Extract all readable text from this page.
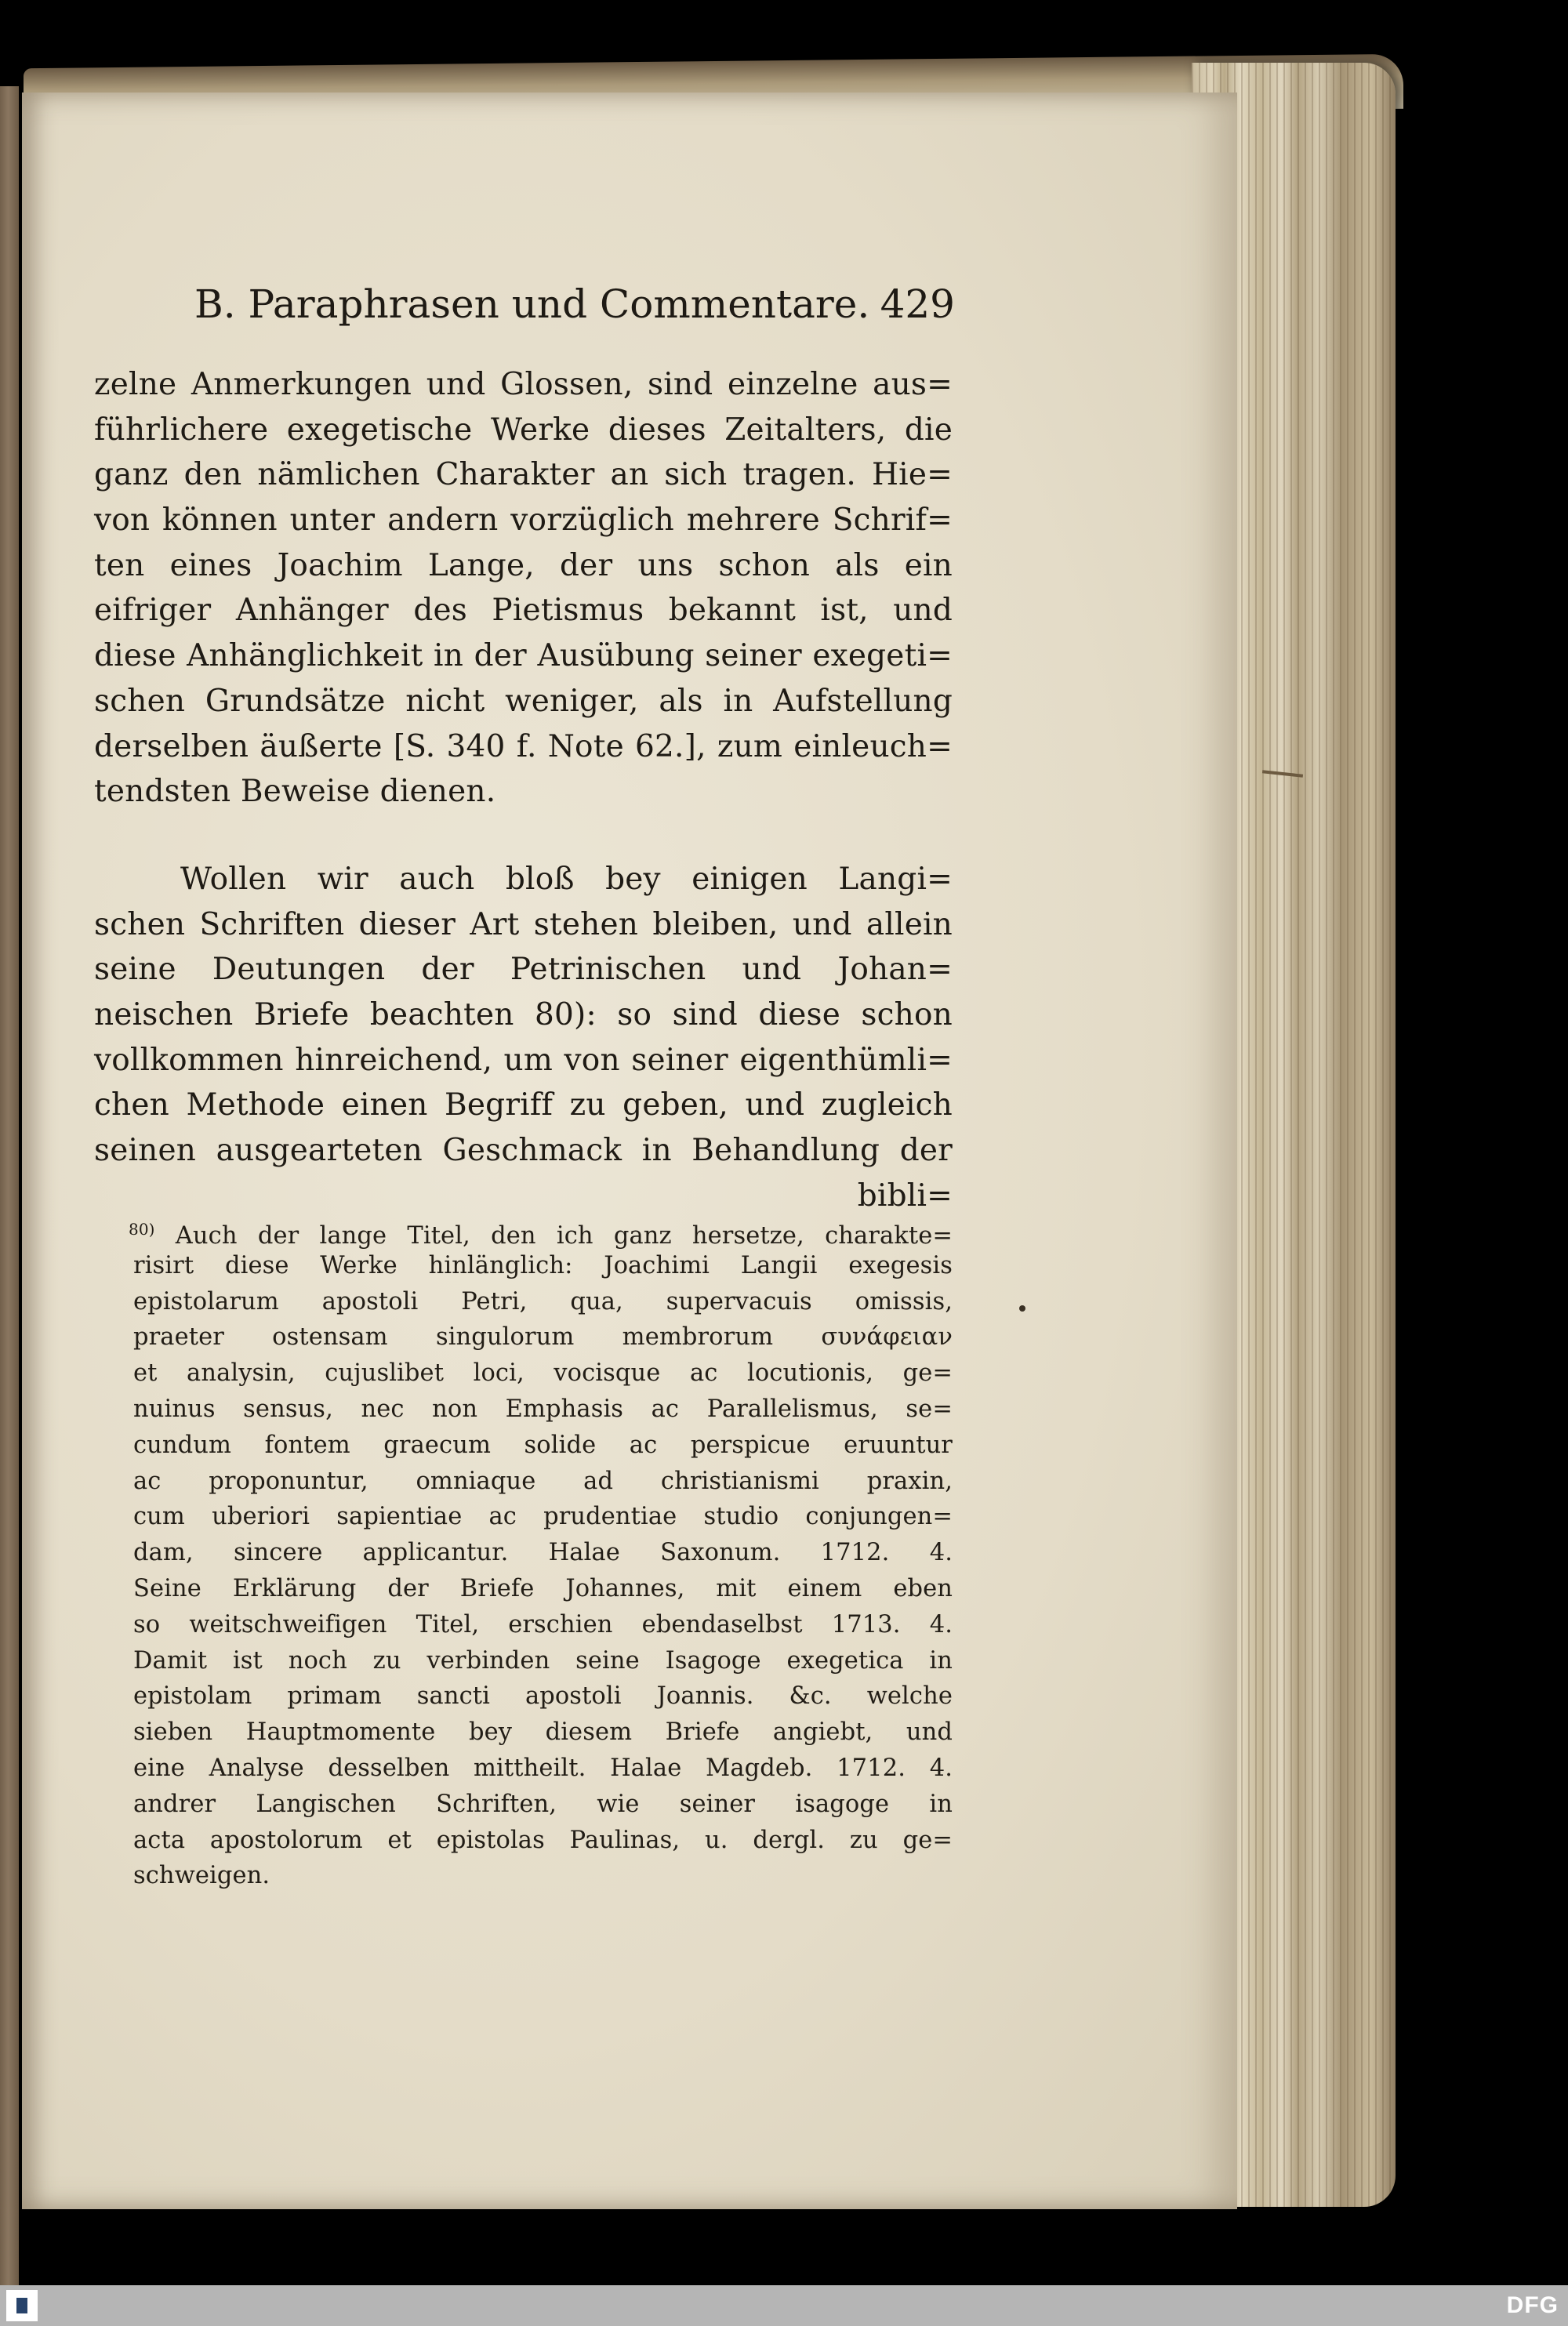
B. Paraphrasen und Commentare. 429
zelne Anmerkungen und Glossen, sind einzelne aus=
führlichere exegetische Werke dieses Zeitalters, die
ganz den nämlichen Charakter an sich tragen. Hie=
von können unter andern vorzüglich mehrere Schrif=
ten eines Joachim Lange, der uns schon als ein
eifriger Anhänger des Pietismus bekannt ist, und
diese Anhänglichkeit in der Ausübung seiner exegeti=
schen Grundsätze nicht weniger, als in Aufstellung
derselben äußerte [S. 340 f. Note 62.], zum einleuch=
tendsten Beweise dienen.
Wollen wir auch bloß bey einigen Langi=
schen Schriften dieser Art stehen bleiben, und allein
seine Deutungen der Petrinischen und Johan=
neischen Briefe beachten 80): so sind diese schon
vollkommen hinreichend, um von seiner eigenthümli=
chen Methode einen Begriff zu geben, und zugleich
seinen ausgearteten Geschmack in Behandlung der
bibli=
$^{80)}$ Auch der lange Titel, den ich ganz hersetze, charakte=
risirt diese Werke hinlänglich: Joachimi Langii exegesis
epistolarum apostoli Petri, qua, supervacuis omissis,
praeter ostensam singulorum membrorum συνάφειαν
et analysin, cujuslibet loci, vocisque ac locutionis, ge=
nuinus sensus, nec non Emphasis ac Parallelismus, se=
cundum fontem graecum solide ac perspicue eruuntur
ac proponuntur, omniaque ad christianismi praxin,
cum uberiori sapientiae ac prudentiae studio conjungen=
dam, sincere applicantur. Halae Saxonum. 1712. 4.
Seine Erklärung der Briefe Johannes, mit einem eben
so weitschweifigen Titel, erschien ebendaselbst 1713. 4.
Damit ist noch zu verbinden seine Isagoge exegetica in
epistolam primam sancti apostoli Joannis. &c. welche
sieben Hauptmomente bey diesem Briefe angiebt, und
eine Analyse desselben mittheilt. Halae Magdeb. 1712. 4.
andrer Langischen Schriften, wie seiner isagoge in
acta apostolorum et epistolas Paulinas, u. dergl. zu ge=
schweigen.
DFG
